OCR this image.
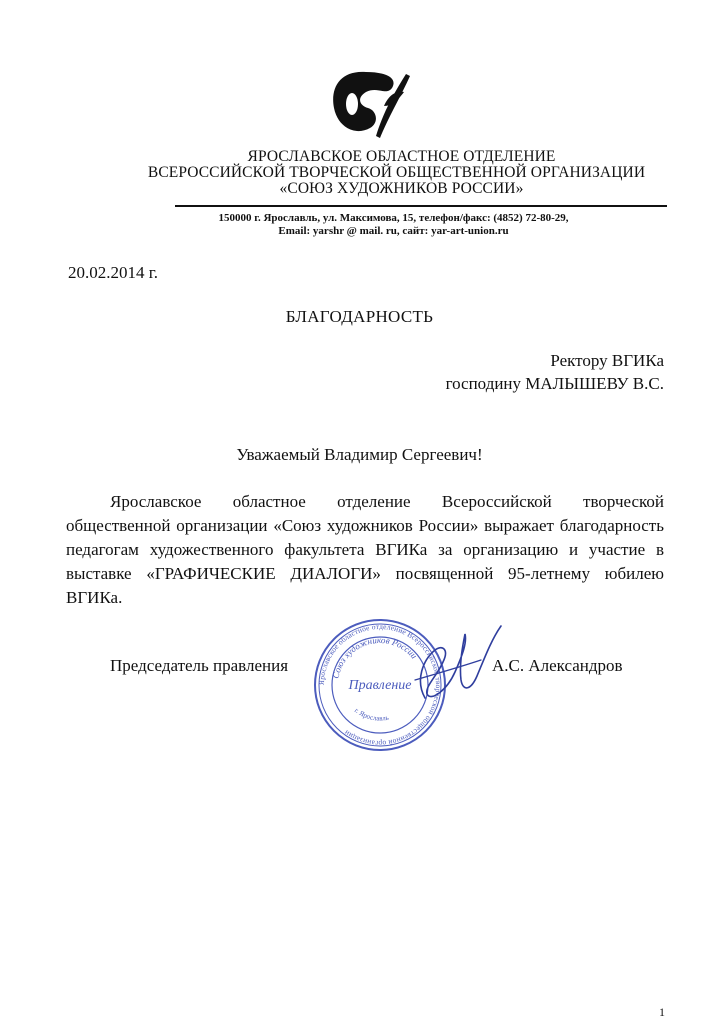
ЯРОСЛАВСКОЕ ОБЛАСТНОЕ ОТДЕЛЕНИЕ
ВСЕРОССИЙСКОЙ ТВОРЧЕСКОЙ ОБЩЕСТВЕННОЙ ОРГАНИЗАЦИИ
«СОЮЗ ХУДОЖНИКОВ РОССИИ»
150000 г. Ярославль, ул. Максимова, 15, телефон/факс: (4852) 72-80-29,
Email: yarshr @ mail. ru, сайт: yar-art-union.ru
20.02.2014 г.
БЛАГОДАРНОСТЬ
Ректору ВГИКа
господину МАЛЫШЕВУ В.С.
Уважаемый Владимир Сергеевич!
Ярославское областное отделение Всероссийской творческой общественной организации «Союз художников России» выражает благодарность педагогам художественного факультета ВГИКа за организацию и участие в выставке «ГРАФИЧЕСКИЕ ДИАЛОГИ» посвященной 95-летнему юбилею ВГИКа.
Председатель правления	А.С. Александров
Ярославское областное отделение Всероссийской творческой общественной организации
Союз художников России
Правление
г. Ярославль
1
